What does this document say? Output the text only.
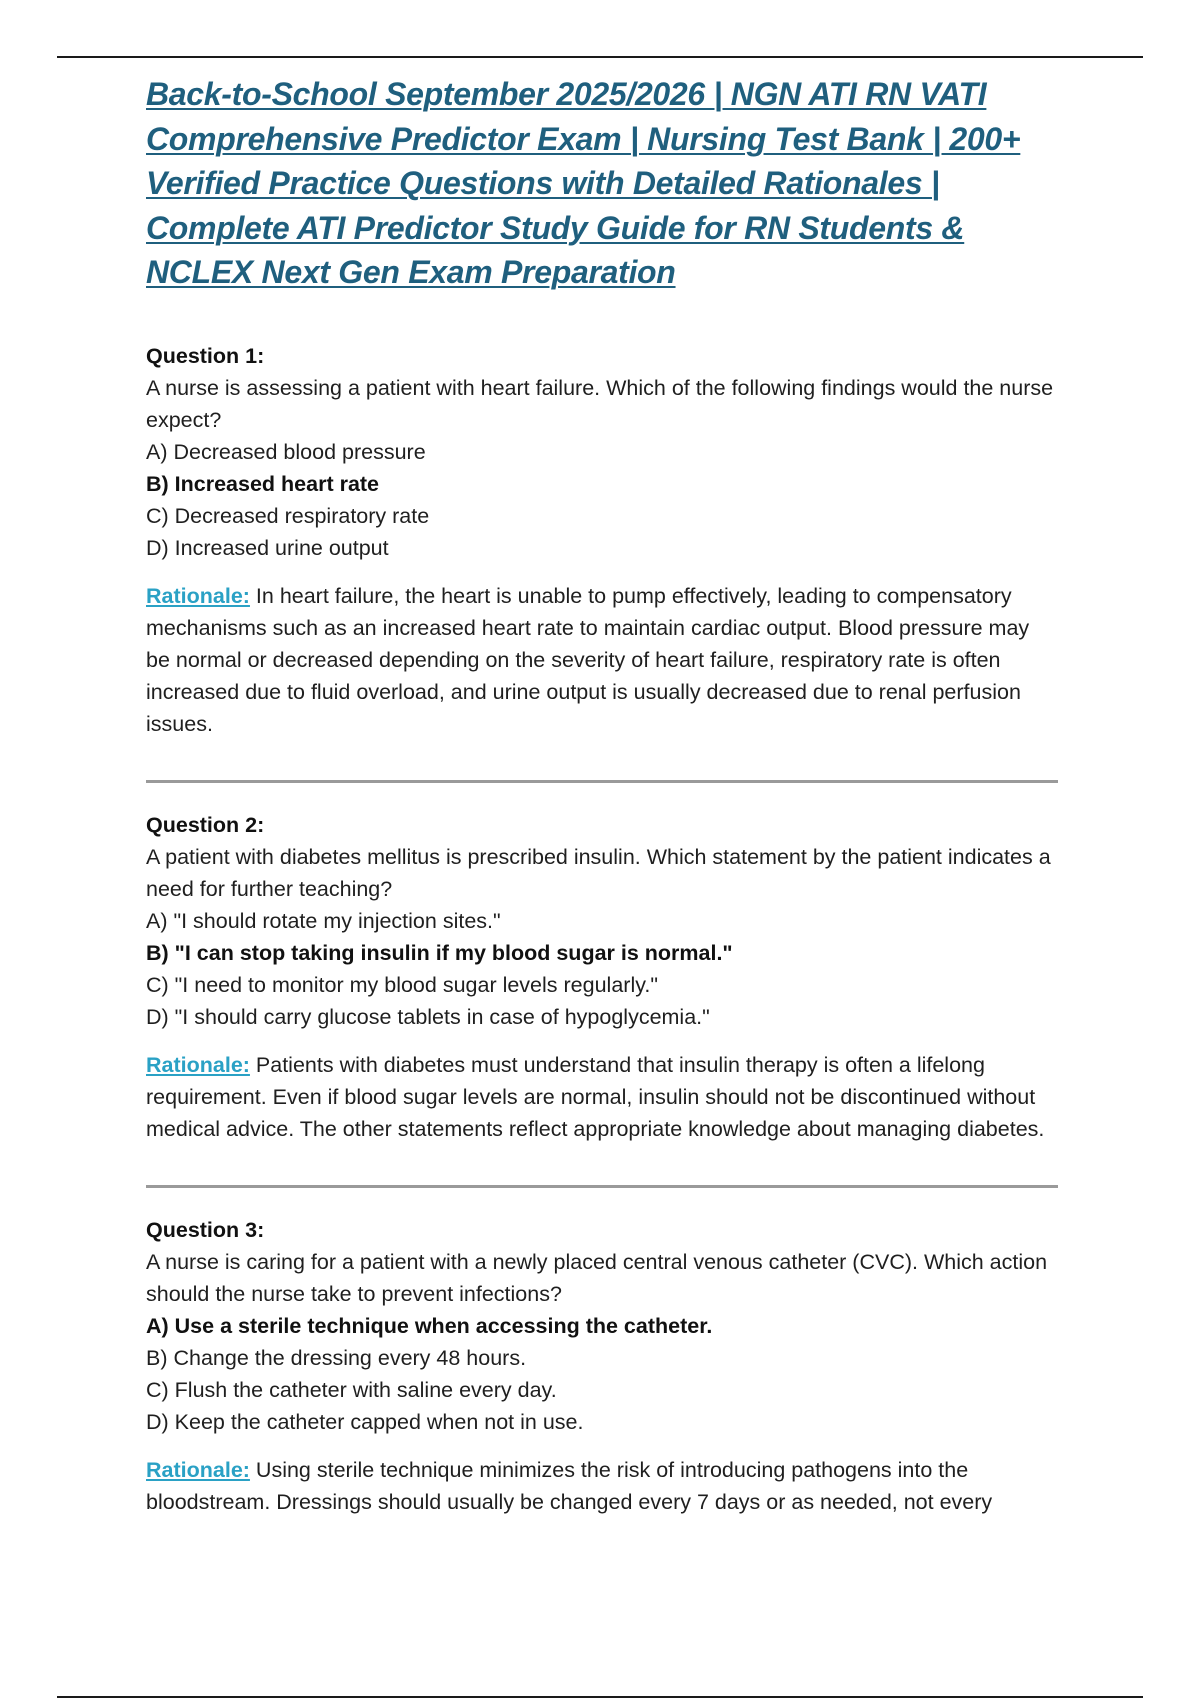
Back-to-School September 2025/2026 | NGN ATI RN VATI Comprehensive Predictor Exam | Nursing Test Bank | 200+ Verified Practice Questions with Detailed Rationales | Complete ATI Predictor Study Guide for RN Students & NCLEX Next Gen Exam Preparation
Question 1:
A nurse is assessing a patient with heart failure. Which of the following findings would the nurse expect?
A) Decreased blood pressure
B) Increased heart rate
C) Decreased respiratory rate
D) Increased urine output
Rationale: In heart failure, the heart is unable to pump effectively, leading to compensatory mechanisms such as an increased heart rate to maintain cardiac output. Blood pressure may be normal or decreased depending on the severity of heart failure, respiratory rate is often increased due to fluid overload, and urine output is usually decreased due to renal perfusion issues.
Question 2:
A patient with diabetes mellitus is prescribed insulin. Which statement by the patient indicates a need for further teaching?
A) "I should rotate my injection sites."
B) "I can stop taking insulin if my blood sugar is normal."
C) "I need to monitor my blood sugar levels regularly."
D) "I should carry glucose tablets in case of hypoglycemia."
Rationale: Patients with diabetes must understand that insulin therapy is often a lifelong requirement. Even if blood sugar levels are normal, insulin should not be discontinued without medical advice. The other statements reflect appropriate knowledge about managing diabetes.
Question 3:
A nurse is caring for a patient with a newly placed central venous catheter (CVC). Which action should the nurse take to prevent infections?
A) Use a sterile technique when accessing the catheter.
B) Change the dressing every 48 hours.
C) Flush the catheter with saline every day.
D) Keep the catheter capped when not in use.
Rationale: Using sterile technique minimizes the risk of introducing pathogens into the bloodstream. Dressings should usually be changed every 7 days or as needed, not every
